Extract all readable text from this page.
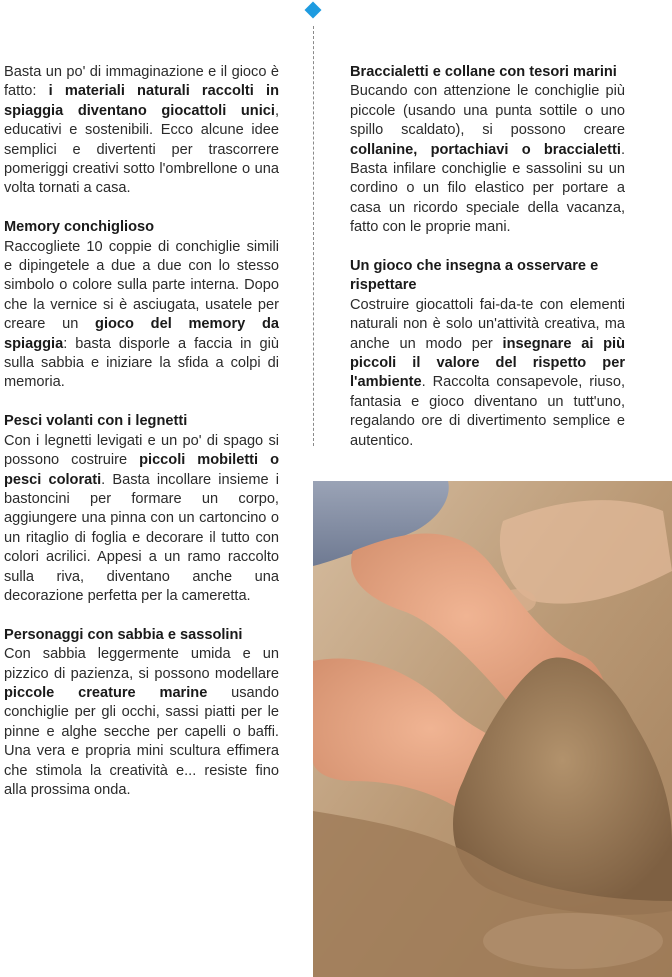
Basta un po' di immaginazione e il gioco è fatto: i materiali naturali raccolti in spiaggia diventano giocattoli unici, educativi e sostenibili. Ecco alcune idee semplici e divertenti per trascorrere pomeriggi creativi sotto l'ombrellone o una volta tornati a casa.

Memory conchiglioso

Raccogliete 10 coppie di conchiglie simili e dipingetele a due a due con lo stesso simbolo o colore sulla parte interna. Dopo che la vernice si è asciugata, usatele per creare un gioco del memory da spiaggia: basta disporle a faccia in giù sulla sabbia e iniziare la sfida a colpi di memoria.

Pesci volanti con i legnetti

Con i legnetti levigati e un po' di spago si possono costruire piccoli mobiletti o pesci colorati. Basta incollare insieme i bastoncini per formare un corpo, aggiungere una pinna con un cartoncino o un ritaglio di foglia e decorare il tutto con colori acrilici. Appesi a un ramo raccolto sulla riva, diventano anche una decorazione perfetta per la cameretta.

Personaggi con sabbia e sassolini

Con sabbia leggermente umida e un pizzico di pazienza, si possono modellare piccole creature marine usando conchiglie per gli occhi, sassi piatti per le pinne e alghe secche per capelli o baffi. Una vera e propria mini scultura effimera che stimola la creatività e... resiste fino alla prossima onda.

Braccialetti e collane con tesori marini

Bucando con attenzione le conchiglie più piccole (usando una punta sottile o uno spillo scaldato), si possono creare collanine, portachiavi o braccialetti. Basta infilare conchiglie e sassolini su un cordino o un filo elastico per portare a casa un ricordo speciale della vacanza, fatto con le proprie mani.

Un gioco che insegna a osservare e rispettare

Costruire giocattoli fai-da-te con elementi naturali non è solo un'attività creativa, ma anche un modo per insegnare ai più piccoli il valore del rispetto per l'ambiente. Raccolta consapevole, riuso, fantasia e gioco diventano un tutt'uno, regalando ore di divertimento semplice e autentico.
